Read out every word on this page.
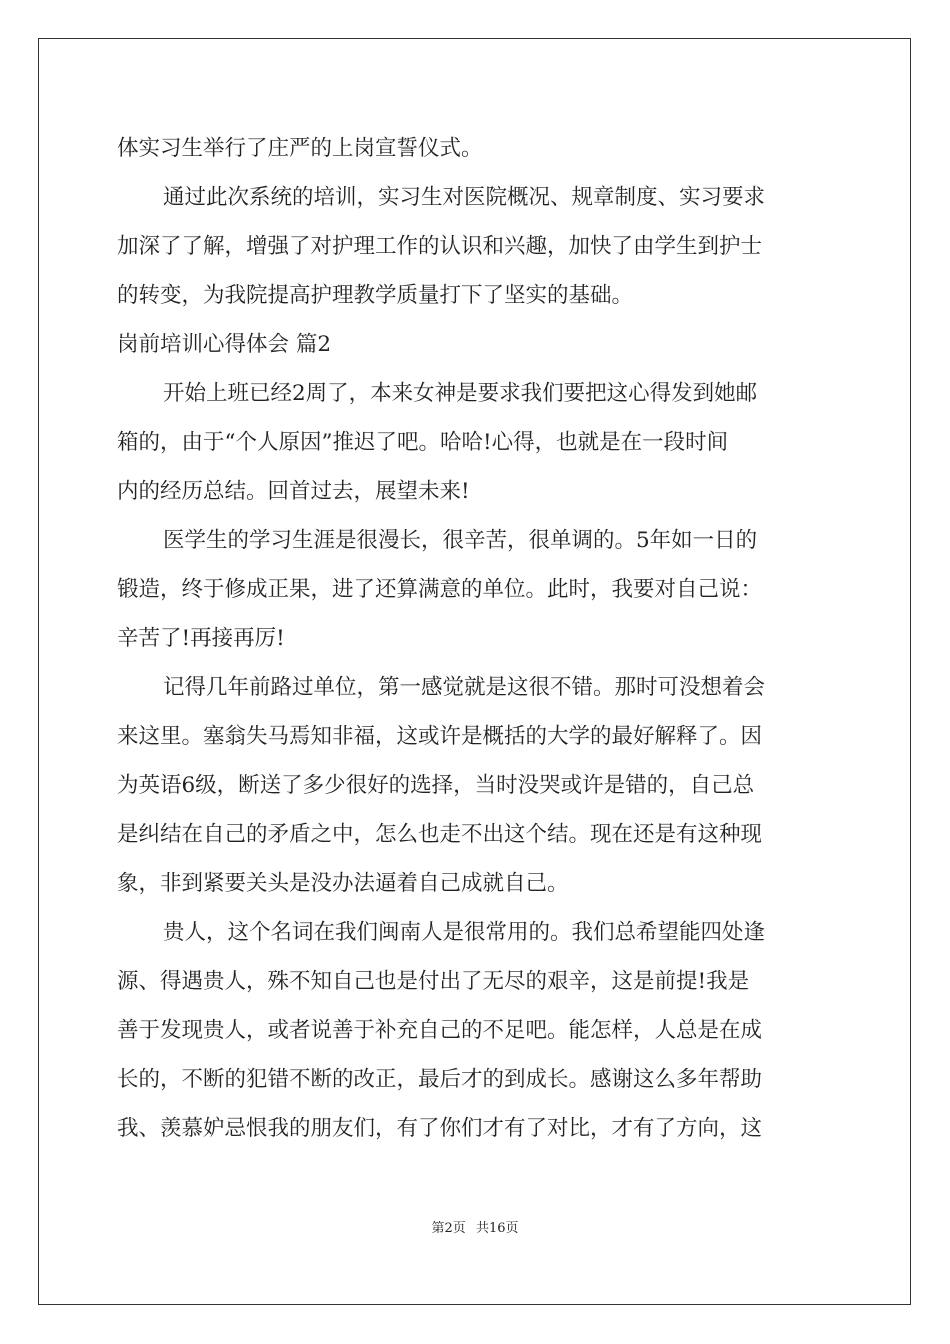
体实习生举行了庄严的上岗宣誓仪式。
通过此次系统的培训，实习生对医院概况、规章制度、实习要求
加深了了解，增强了对护理工作的认识和兴趣，加快了由学生到护士
的转变，为我院提高护理教学质量打下了坚实的基础。
岗前培训心得体会 篇2
开始上班已经2周了，本来女神是要求我们要把这心得发到她邮
箱的，由于“个人原因”推迟了吧。哈哈!心得，也就是在一段时间
内的经历总结。回首过去，展望未来!
医学生的学习生涯是很漫长，很辛苦，很单调的。5年如一日的
锻造，终于修成正果，进了还算满意的单位。此时，我要对自己说：
辛苦了!再接再厉!
记得几年前路过单位，第一感觉就是这很不错。那时可没想着会
来这里。塞翁失马焉知非福，这或许是概括的大学的最好解释了。因
为英语6级，断送了多少很好的选择，当时没哭或许是错的，自己总
是纠结在自己的矛盾之中，怎么也走不出这个结。现在还是有这种现
象，非到紧要关头是没办法逼着自己成就自己。
贵人，这个名词在我们闽南人是很常用的。我们总希望能四处逢
源、得遇贵人，殊不知自己也是付出了无尽的艰辛，这是前提!我是
善于发现贵人，或者说善于补充自己的不足吧。能怎样，人总是在成
长的，不断的犯错不断的改正，最后才的到成长。感谢这么多年帮助
我、羡慕妒忌恨我的朋友们，有了你们才有了对比，才有了方向，这
第2页 共16页
